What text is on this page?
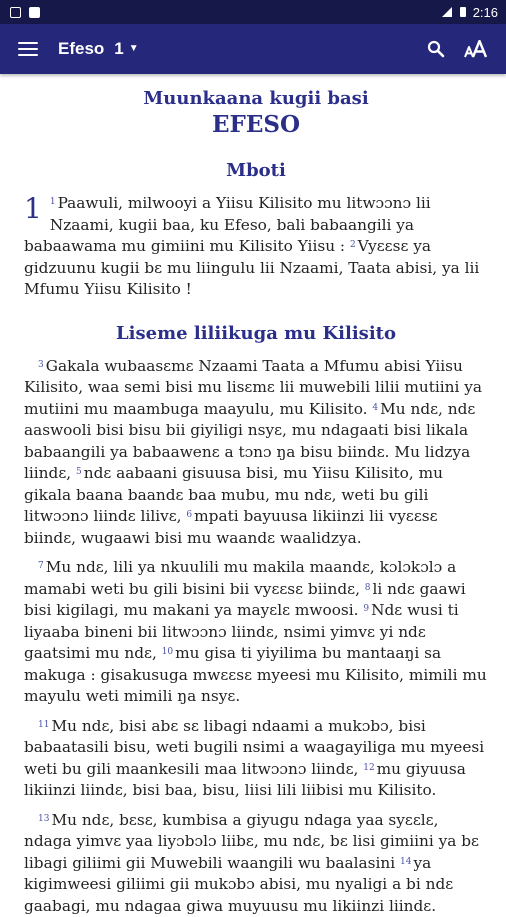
2:16
Efeso 1 ▼
Muunkaana kugii basi
EFESO
Mboti

1 $^1$ Paawuli, milwooyi a Yiisu Kilisito mu litwɔɔnɔ lii Nzaami, kugii baa, ku Efeso, bali babaangili ya babaawama mu gimiini mu Kilisito Yiisu : $^2$ Vyɛɛsɛ ya gidzuunu kugii bɛ mu liingulu lii Nzaami, Taata abisi, ya lii Mfumu Yiisu Kilisito !

Liseme liliikuga mu Kilisito

$^3$ Gakala wubaasɛmɛ Nzaami Taata a Mfumu abisi Yiisu Kilisito, waa semi bisi mu lisɛmɛ lii muwebili lilii mutiini ya mutiini mu maambuga maayulu, mu Kilisito. $^4$ Mu ndɛ, ndɛ aaswooli bisi bisu bii giyiligi nsyɛ, mu ndagaati bisi likala babaangili ya babaawenɛ a tɔnɔ ŋa bisu biindɛ. Mu lidzya liindɛ, $^5$ ndɛ aabaani gisuusa bisi, mu Yiisu Kilisito, mu gikala baana baandɛ baa mubu, mu ndɛ, weti bu gili litwɔɔnɔ liindɛ lilivɛ, $^6$ mpati bayuusa likiinzi lii vyɛɛsɛ biindɛ, wugaawi bisi mu waandɛ waalidzya.

$^7$ Mu ndɛ, lili ya nkuulili mu makila maandɛ, kɔlɔkɔlɔ a mamabi weti bu gili bisini bii vyɛɛsɛ biindɛ, $^8$ li ndɛ gaawi bisi kigilagi, mu makani ya mayɛlɛ mwoosi. $^9$ Ndɛ wusi ti liyaaba bineni bii litwɔɔnɔ liindɛ, nsimi yimvɛ yi ndɛ gaatsimi mu ndɛ, $^{10}$ mu gisa ti yiyilima bu mantaaŋi sa makuga : gisakusuga mwɛɛsɛ myeesi mu Kilisito, mimili mu mayulu weti mimili ŋa nsyɛ.

$^{11}$ Mu ndɛ, bisi abɛ sɛ libagi ndaami a mukɔbɔ, bisi babaatasili bisu, weti bugili nsimi a waagayiliga mu myeesi weti bu gili maankesili maa litwɔɔnɔ liindɛ, $^{12}$ mu giyuusa likiinzi liindɛ, bisi baa, bisu, liisi lili liibisi mu Kilisito.

$^{13}$ Mu ndɛ, bɛsɛ, kumbisa a giyugu ndaga yaa syɛɛlɛ, ndaga yimvɛ yaa liyɔbɔlɔ liibɛ, mu ndɛ, bɛ lisi gimiini ya bɛ libagi giliimi gii Muwebili waangili wu baalasini $^{14}$ ya kigimweesi giliimi gii mukɔbɔ abisi, mu nyaligi a bi ndɛ gaabagi, mu ndagaa giwa muyuusu mu likiinzi liindɛ.
